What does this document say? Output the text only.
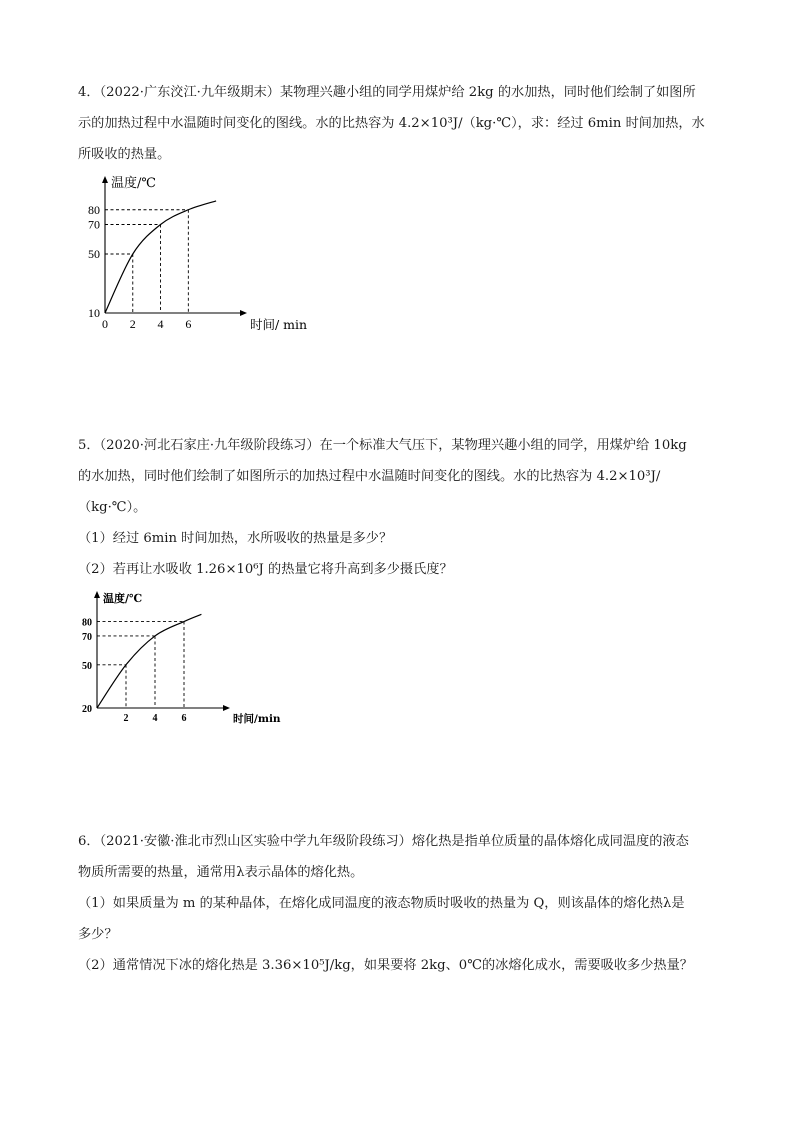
4．（2022·广东洨江·九年级期末）某物理兴趣小组的同学用煤炉给 2kg 的水加热，同时他们绘制了如图所
示的加热过程中水温随时间变化的图线。水的比热容为 4.2×10³J/（kg·℃），求：经过 6min 时间加热，水
所吸收的热量。
10
50
70
80
0 2 4 6
温度/℃
时间/ min
5．（2020·河北石家庄·九年级阶段练习）在一个标准大气压下，某物理兴趣小组的同学，用煤炉给 10kg
的水加热，同时他们绘制了如图所示的加热过程中水温随时间变化的图线。水的比热容为 4.2×10³J/
（kg·℃）。
（1）经过 6min 时间加热，水所吸收的热量是多少？
（2）若再让水吸收 1.26×10⁶J 的热量它将升高到多少摄氏度？
20
50
70
80
2 4 6
温度/℃
时间/min
6．（2021·安徽·淮北市烈山区实验中学九年级阶段练习）熔化热是指单位质量的晶体熔化成同温度的液态
物质所需要的热量，通常用λ表示晶体的熔化热。
（1）如果质量为 m 的某种晶体，在熔化成同温度的液态物质时吸收的热量为 Q，则该晶体的熔化热λ是
多少？
（2）通常情况下冰的熔化热是 3.36×10⁵J/kg，如果要将 2kg、0℃的冰熔化成水，需要吸收多少热量？
